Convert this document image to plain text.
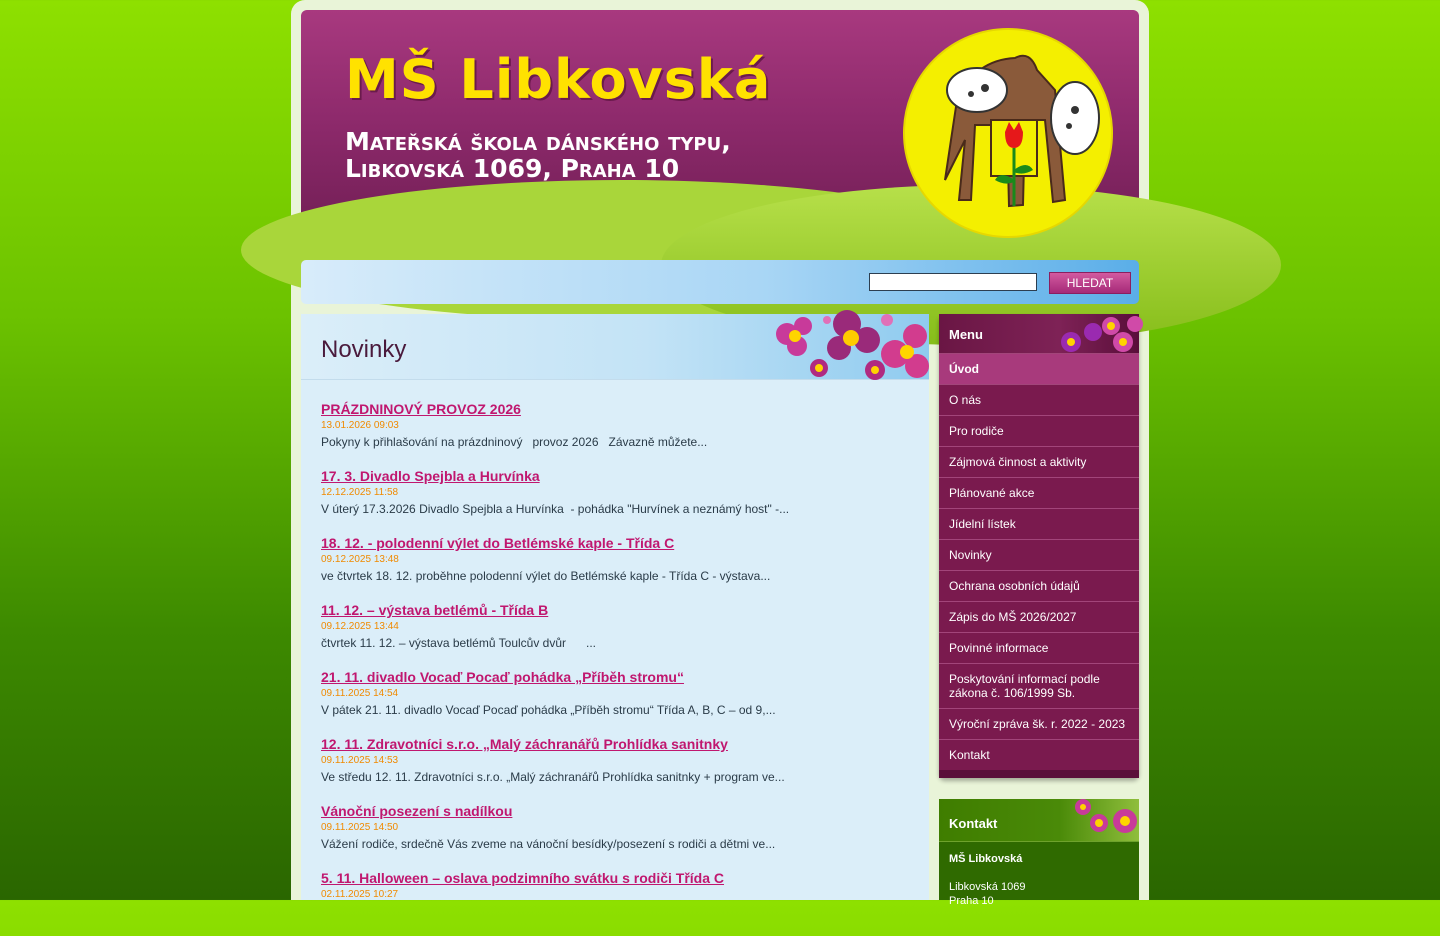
MŠ Libkovská
Mateřská škola dánského typu,
Libkovská 1069, Praha 10
HLEDAT
Novinky
PRÁZDNINOVÝ PROVOZ 2026
13.01.2026 09:03
Pokyny k přihlašování na prázdninový   provoz 2026   Závazně můžete...
17. 3. Divadlo Spejbla a Hurvínka
12.12.2025 11:58
V úterý 17.3.2026 Divadlo Spejbla a Hurvínka  - pohádka "Hurvínek a neznámý host" -...
18. 12. - polodenní výlet do Betlémské kaple - Třída C
09.12.2025 13:48
ve čtvrtek 18. 12. proběhne polodenní výlet do Betlémské kaple - Třída C - výstava...
11. 12. – výstava betlémů - Třída B
09.12.2025 13:44
čtvrtek 11. 12. – výstava betlémů Toulcův dvůr      ...
21. 11. divadlo Vocaď Pocaď pohádka „Příběh stromu“
09.11.2025 14:54
V pátek 21. 11. divadlo Vocaď Pocaď pohádka „Příběh stromu“ Třída A, B, C – od 9,...
12. 11. Zdravotníci s.r.o. „Malý záchranářů Prohlídka sanitnky
09.11.2025 14:53
Ve středu 12. 11. Zdravotníci s.r.o. „Malý záchranářů Prohlídka sanitnky + program ve...
Vánoční posezení s nadílkou
09.11.2025 14:50
Vážení rodiče, srdečně Vás zveme na vánoční besídky/posezení s rodiči a dětmi ve...
5. 11. Halloween – oslava podzimního svátku s rodiči Třída C
02.11.2025 10:27
Menu
Úvod
O nás
Pro rodiče
Zájmová činnost a aktivity
Plánované akce
Jídelní lístek
Novinky
Ochrana osobních údajů
Zápis do MŠ 2026/2027
Povinné informace
Poskytování informací podle zákona č. 106/1999 Sb.
Výroční zpráva šk. r. 2022 - 2023
Kontakt
Kontakt
MŠ Libkovská
Libkovská 1069
Praha 10
